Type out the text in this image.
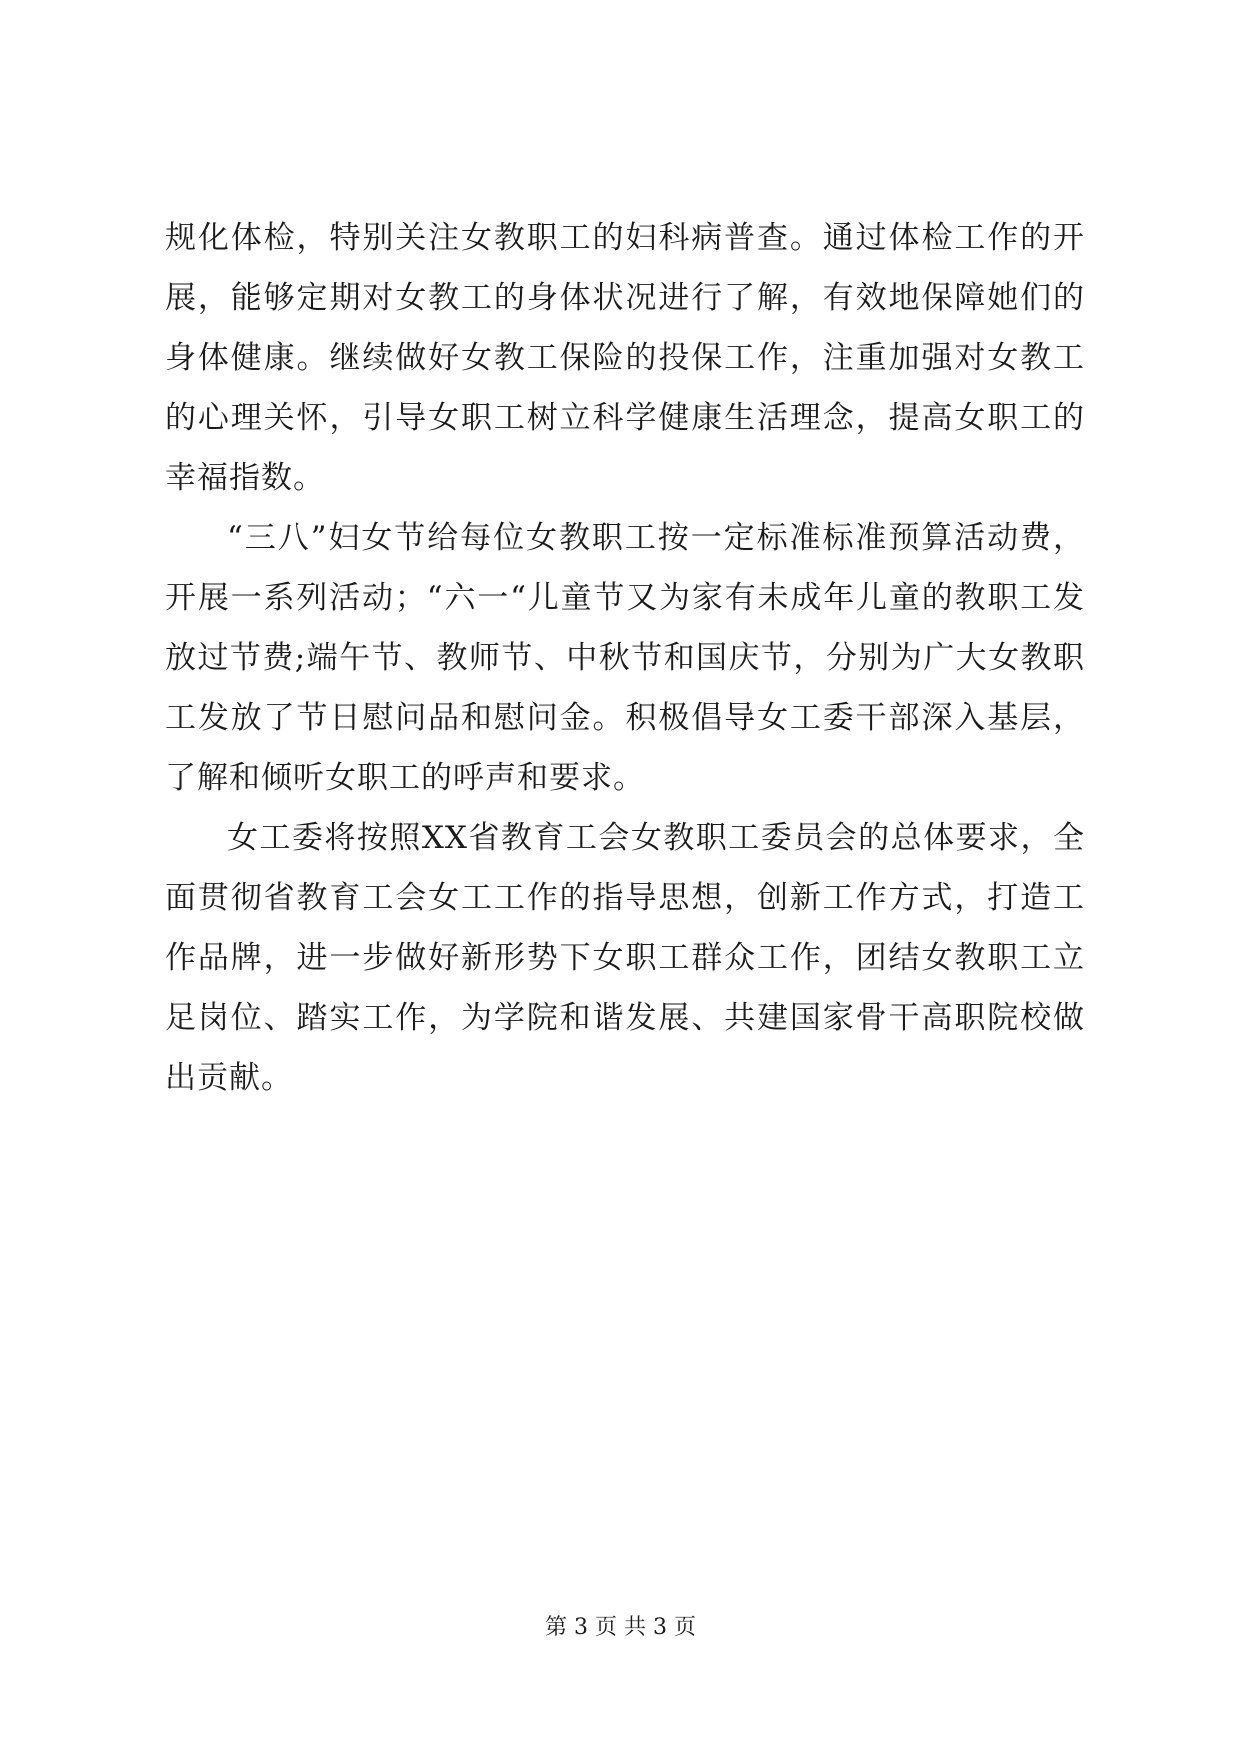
规化体检，特别关注女教职工的妇科病普查。通过体检工作的开展，能够定期对女教工的身体状况进行了解，有效地保障她们的身体健康。继续做好女教工保险的投保工作，注重加强对女教工的心理关怀，引导女职工树立科学健康生活理念，提高女职工的幸福指数。

“三八”妇女节给每位女教职工按一定标准标准预算活动费，开展一系列活动；“六一“儿童节又为家有未成年儿童的教职工发放过节费;端午节、教师节、中秋节和国庆节，分别为广大女教职工发放了节日慰问品和慰问金。积极倡导女工委干部深入基层，了解和倾听女职工的呼声和要求。

女工委将按照XX省教育工会女教职工委员会的总体要求，全面贯彻省教育工会女工工作的指导思想，创新工作方式，打造工作品牌，进一步做好新形势下女职工群众工作，团结女教职工立足岗位、踏实工作，为学院和谐发展、共建国家骨干高职院校做出贡献。

第 3 页 共 3 页
